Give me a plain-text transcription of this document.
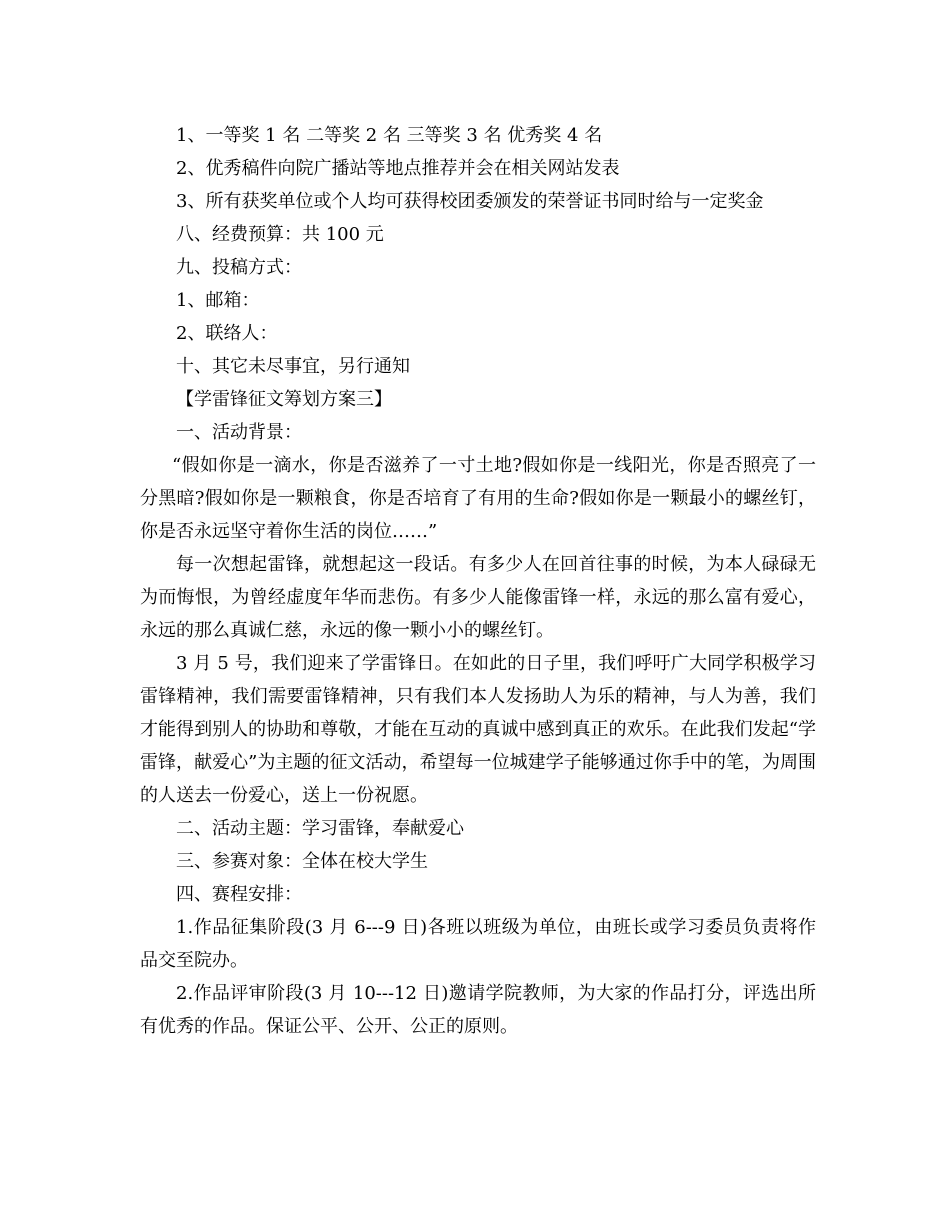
1、一等奖 1 名 二等奖 2 名 三等奖 3 名 优秀奖 4 名

2、优秀稿件向院广播站等地点推荐并会在相关网站发表

3、所有获奖单位或个人均可获得校团委颁发的荣誉证书同时给与一定奖金

八、经费预算：共 100 元

九、投稿方式：

1、邮箱：

2、联络人：

十、其它未尽事宜，另行通知

【学雷锋征文筹划方案三】

一、活动背景：

“假如你是一滴水，你是否滋养了一寸土地?假如你是一线阳光，你是否照亮了一分黑暗?假如你是一颗粮食，你是否培育了有用的生命?假如你是一颗最小的螺丝钉，你是否永远坚守着你生活的岗位……”

每一次想起雷锋，就想起这一段话。有多少人在回首往事的时候，为本人碌碌无为而悔恨，为曾经虚度年华而悲伤。有多少人能像雷锋一样，永远的那么富有爱心，永远的那么真诚仁慈，永远的像一颗小小的螺丝钉。

3 月 5 号，我们迎来了学雷锋日。在如此的日子里，我们呼吁广大同学积极学习雷锋精神，我们需要雷锋精神，只有我们本人发扬助人为乐的精神，与人为善，我们才能得到别人的协助和尊敬，才能在互动的真诚中感到真正的欢乐。在此我们发起“学雷锋，献爱心”为主题的征文活动，希望每一位城建学子能够通过你手中的笔，为周围的人送去一份爱心，送上一份祝愿。

二、活动主题：学习雷锋，奉献爱心

三、参赛对象：全体在校大学生

四、赛程安排：

1.作品征集阶段(3 月 6---9 日)各班以班级为单位，由班长或学习委员负责将作品交至院办。

2.作品评审阶段(3 月 10---12 日)邀请学院教师，为大家的作品打分，评选出所有优秀的作品。保证公平、公开、公正的原则。
